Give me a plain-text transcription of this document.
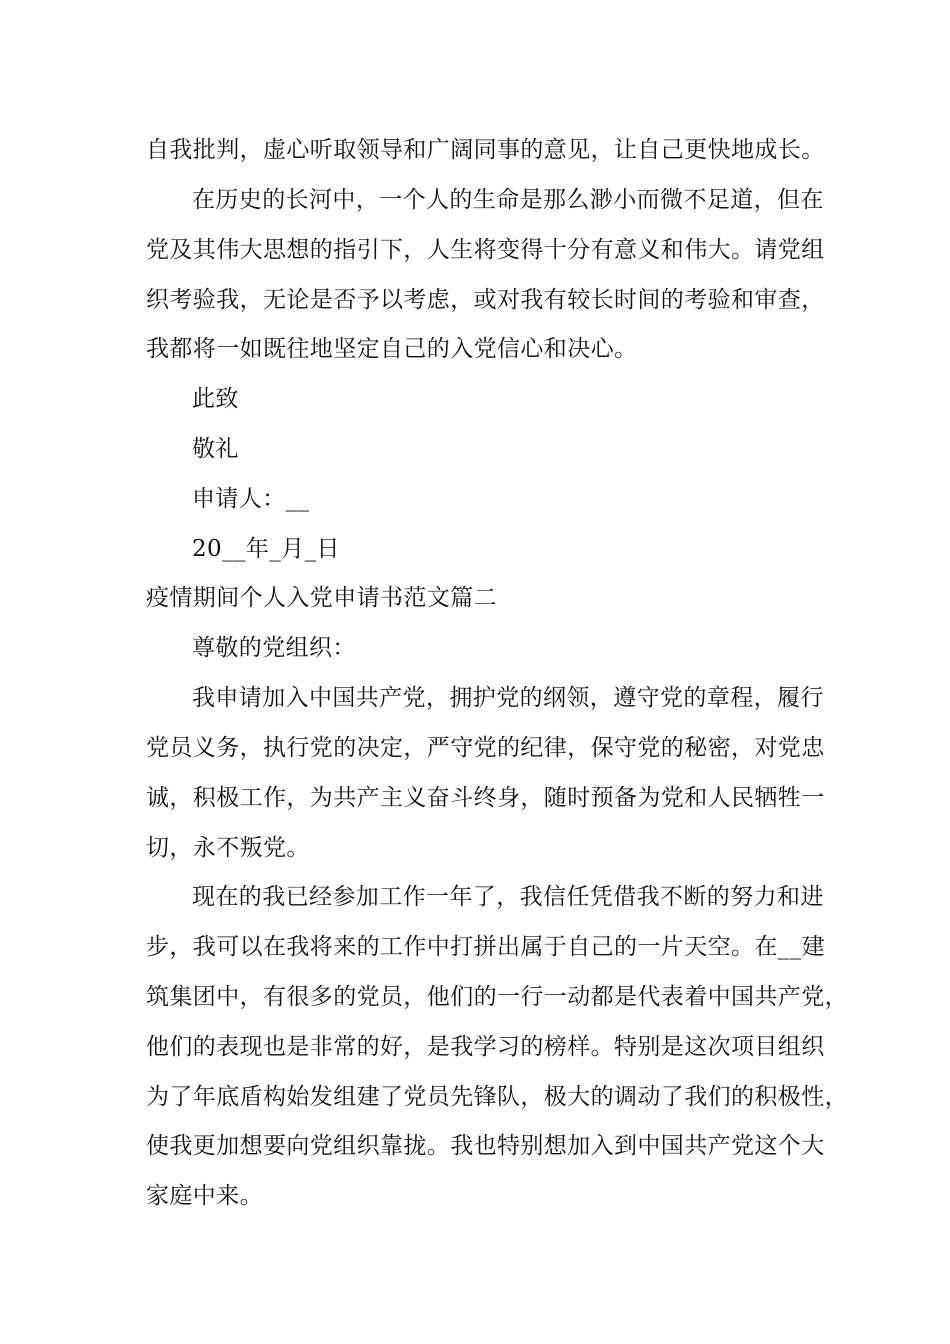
自我批判，虚心听取领导和广阔同事的意见，让自己更快地成长。
在历史的长河中，一个人的生命是那么渺小而微不足道，但在
党及其伟大思想的指引下，人生将变得十分有意义和伟大。请党组
织考验我，无论是否予以考虑，或对我有较长时间的考验和审查，
我都将一如既往地坚定自己的入党信心和决心。
此致
敬礼
申请人：__
20__年_月_日
疫情期间个人入党申请书范文篇二
尊敬的党组织：
我申请加入中国共产党，拥护党的纲领，遵守党的章程，履行
党员义务，执行党的决定，严守党的纪律，保守党的秘密，对党忠
诚，积极工作，为共产主义奋斗终身，随时预备为党和人民牺牲一
切，永不叛党。
现在的我已经参加工作一年了，我信任凭借我不断的努力和进
步，我可以在我将来的工作中打拼出属于自己的一片天空。在__建
筑集团中，有很多的党员，他们的一行一动都是代表着中国共产党，
他们的表现也是非常的好，是我学习的榜样。特别是这次项目组织
为了年底盾构始发组建了党员先锋队，极大的调动了我们的积极性，
使我更加想要向党组织靠拢。我也特别想加入到中国共产党这个大
家庭中来。
